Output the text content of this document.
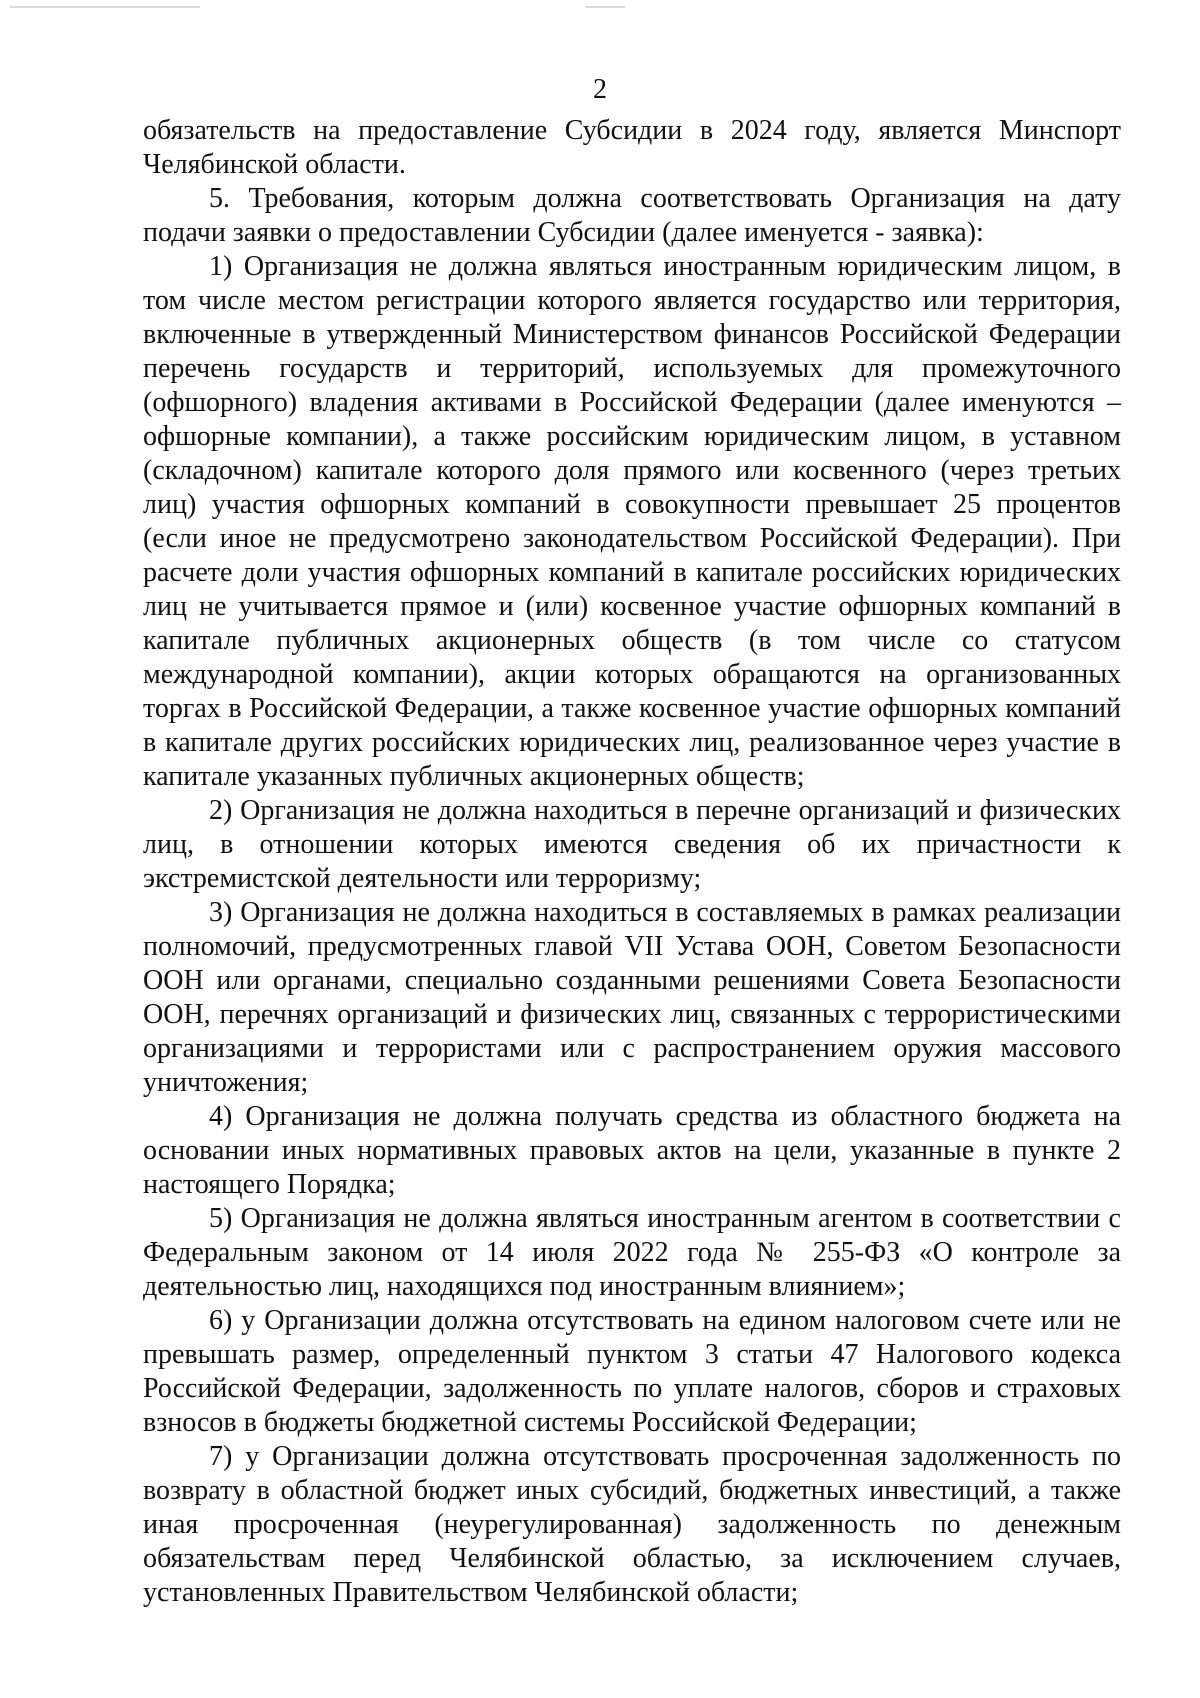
2

обязательств на предоставление Субсидии в 2024 году, является Минспорт Челябинской области.

5. Требования, которым должна соответствовать Организация на дату подачи заявки о предоставлении Субсидии (далее именуется - заявка):

1) Организация не должна являться иностранным юридическим лицом, в том числе местом регистрации которого является государство или территория, включенные в утвержденный Министерством финансов Российской Федерации перечень государств и территорий, используемых для промежуточного (офшорного) владения активами в Российской Федерации (далее именуются – офшорные компании), а также российским юридическим лицом, в уставном (складочном) капитале которого доля прямого или косвенного (через третьих лиц) участия офшорных компаний в совокупности превышает 25 процентов (если иное не предусмотрено законодательством Российской Федерации). При расчете доли участия офшорных компаний в капитале российских юридических лиц не учитывается прямое и (или) косвенное участие офшорных компаний в капитале публичных акционерных обществ (в том числе со статусом международной компании), акции которых обращаются на организованных торгах в Российской Федерации, а также косвенное участие офшорных компаний в капитале других российских юридических лиц, реализованное через участие в капитале указанных публичных акционерных обществ;

2) Организация не должна находиться в перечне организаций и физических лиц, в отношении которых имеются сведения об их причастности к экстремистской деятельности или терроризму;

3) Организация не должна находиться в составляемых в рамках реализации полномочий, предусмотренных главой VII Устава ООН, Советом Безопасности ООН или органами, специально созданными решениями Совета Безопасности ООН, перечнях организаций и физических лиц, связанных с террористическими организациями и террористами или с распространением оружия массового уничтожения;

4) Организация не должна получать средства из областного бюджета на основании иных нормативных правовых актов на цели, указанные в пункте 2 настоящего Порядка;

5) Организация не должна являться иностранным агентом в соответствии с Федеральным законом от 14 июля 2022 года № 255-ФЗ «О контроле за деятельностью лиц, находящихся под иностранным влиянием»;

6) у Организации должна отсутствовать на едином налоговом счете или не превышать размер, определенный пунктом 3 статьи 47 Налогового кодекса Российской Федерации, задолженность по уплате налогов, сборов и страховых взносов в бюджеты бюджетной системы Российской Федерации;

7) у Организации должна отсутствовать просроченная задолженность по возврату в областной бюджет иных субсидий, бюджетных инвестиций, а также иная просроченная (неурегулированная) задолженность по денежным обязательствам перед Челябинской областью, за исключением случаев, установленных Правительством Челябинской области;
